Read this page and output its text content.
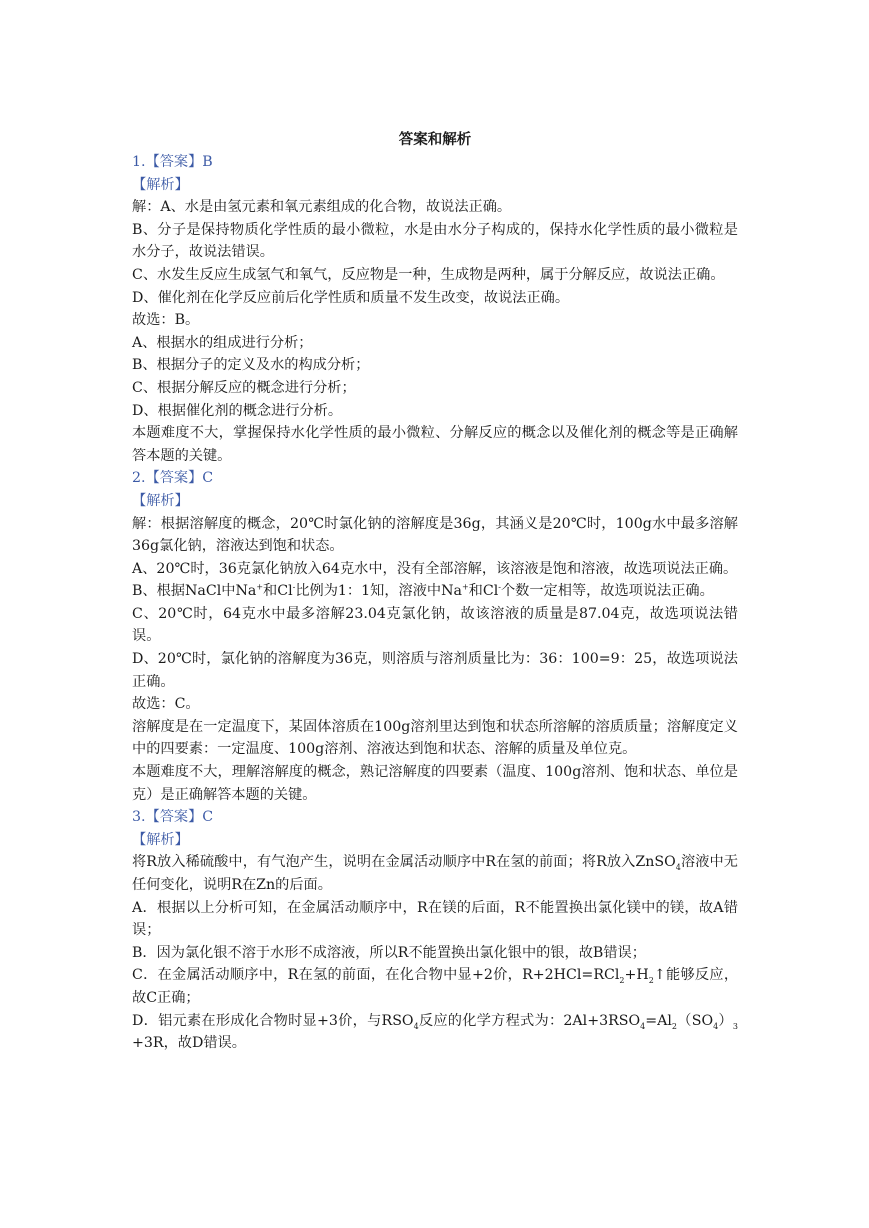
答案和解析
1.【答案】B
【解析】
解：A、水是由氢元素和氧元素组成的化合物，故说法正确。
B、分子是保持物质化学性质的最小微粒，水是由水分子构成的，保持水化学性质的最小微粒是水分子，故说法错误。
C、水发生反应生成氢气和氧气，反应物是一种，生成物是两种，属于分解反应，故说法正确。
D、催化剂在化学反应前后化学性质和质量不发生改变，故说法正确。
故选：B。
A、根据水的组成进行分析；
B、根据分子的定义及水的构成分析；
C、根据分解反应的概念进行分析；
D、根据催化剂的概念进行分析。
本题难度不大，掌握保持水化学性质的最小微粒、分解反应的概念以及催化剂的概念等是正确解答本题的关键。
2.【答案】C
【解析】
解：根据溶解度的概念，20℃时氯化钠的溶解度是36g，其涵义是20℃时，100g水中最多溶解36g氯化钠，溶液达到饱和状态。
A、20℃时，36克氯化钠放入64克水中，没有全部溶解，该溶液是饱和溶液，故选项说法正确。
B、根据NaCl中Na+和Cl-比例为1：1知，溶液中Na+和Cl-个数一定相等，故选项说法正确。
C、20℃时，64克水中最多溶解23.04克氯化钠，故该溶液的质量是87.04克，故选项说法错误。
D、20℃时，氯化钠的溶解度为36克，则溶质与溶剂质量比为：36：100=9：25，故选项说法正确。
故选：C。
溶解度是在一定温度下，某固体溶质在100g溶剂里达到饱和状态所溶解的溶质质量；溶解度定义中的四要素：一定温度、100g溶剂、溶液达到饱和状态、溶解的质量及单位克。
本题难度不大，理解溶解度的概念，熟记溶解度的四要素（温度、100g溶剂、饱和状态、单位是克）是正确解答本题的关键。
3.【答案】C
【解析】
将R放入稀硫酸中，有气泡产生，说明在金属活动顺序中R在氢的前面；将R放入ZnSO$_4$溶液中无任何变化，说明R在Zn的后面。
A．根据以上分析可知，在金属活动顺序中，R在镁的后面，R不能置换出氯化镁中的镁，故A错误；
B．因为氯化银不溶于水形不成溶液，所以R不能置换出氯化银中的银，故B错误；
C．在金属活动顺序中，R在氢的前面，在化合物中显+2价，$R+2HCl=RCl_2+H_2↑$能够反应，故C正确；
D．铝元素在形成化合物时显+3价，与$RSO_4$反应的化学方程式为：$2Al+3RSO_4=Al_2(SO_4)_3+3R$，故D错误。
